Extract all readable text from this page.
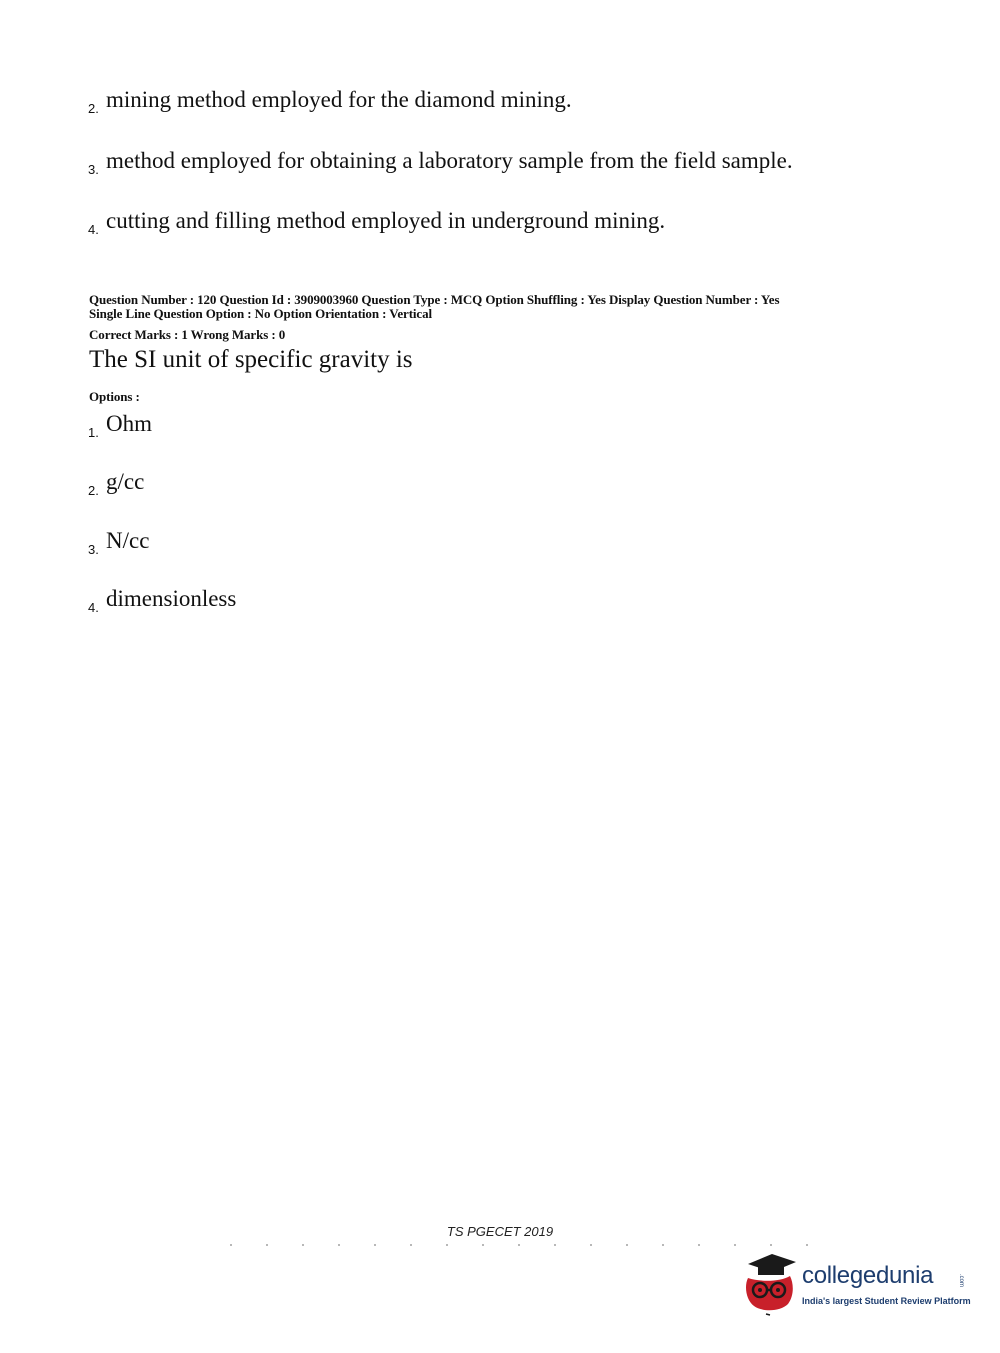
2. mining method employed for the diamond mining.
3. method employed for obtaining a laboratory sample from the field sample.
4. cutting and filling method employed in underground mining.
Question Number : 120 Question Id : 3909003960 Question Type : MCQ Option Shuffling : Yes Display Question Number : Yes
Single Line Question Option : No Option Orientation : Vertical
Correct Marks : 1 Wrong Marks : 0
The SI unit of specific gravity is
Options :
1. Ohm
2. g/cc
3. N/cc
4. dimensionless
TS PGECET 2019
collegedunia	.com
India's largest Student Review Platform
